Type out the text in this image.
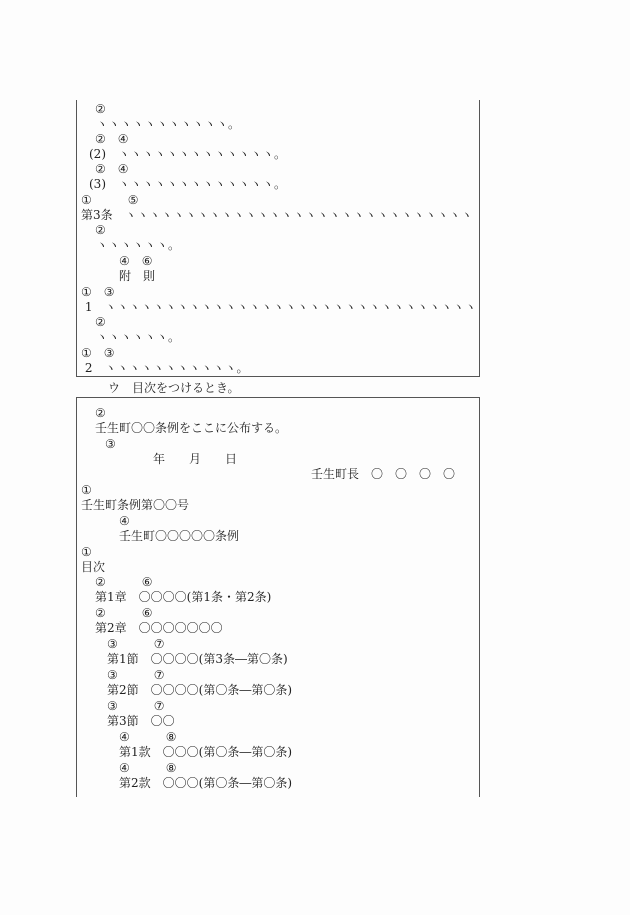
②
ヽヽヽヽヽヽヽヽヽヽヽ。
②　④
(2)　ヽヽヽヽヽヽヽヽヽヽヽヽヽ。
②　④
(3)　ヽヽヽヽヽヽヽヽヽヽヽヽヽ。
①　　　⑤
第3条　ヽヽヽヽヽヽヽヽヽヽヽヽヽヽヽヽヽヽヽヽヽヽヽヽヽヽヽヽヽ
②
ヽヽヽヽヽヽ。
④　⑥
附　則
①　③
1　ヽヽヽヽヽヽヽヽヽヽヽヽヽヽヽヽヽヽヽヽヽヽヽヽヽヽヽヽヽヽヽ
②
ヽヽヽヽヽヽ。
①　③
2　ヽヽヽヽヽヽヽヽヽヽヽ。
ウ　目次をつけるとき。
②
壬生町〇〇条例をここに公布する。
③
年　　月　　日
壬生町長　〇　〇　〇　〇
①
壬生町条例第〇〇号
④
壬生町〇〇〇〇〇条例
①
目次
②　　　⑥
第1章　〇〇〇〇(第1条・第2条)
②　　　⑥
第2章　〇〇〇〇〇〇〇
③　　　⑦
第1節　〇〇〇〇(第3条―第〇条)
③　　　⑦
第2節　〇〇〇〇(第〇条―第〇条)
③　　　⑦
第3節　〇〇
④　　　⑧
第1款　〇〇〇(第〇条―第〇条)
④　　　⑧
第2款　〇〇〇(第〇条―第〇条)
